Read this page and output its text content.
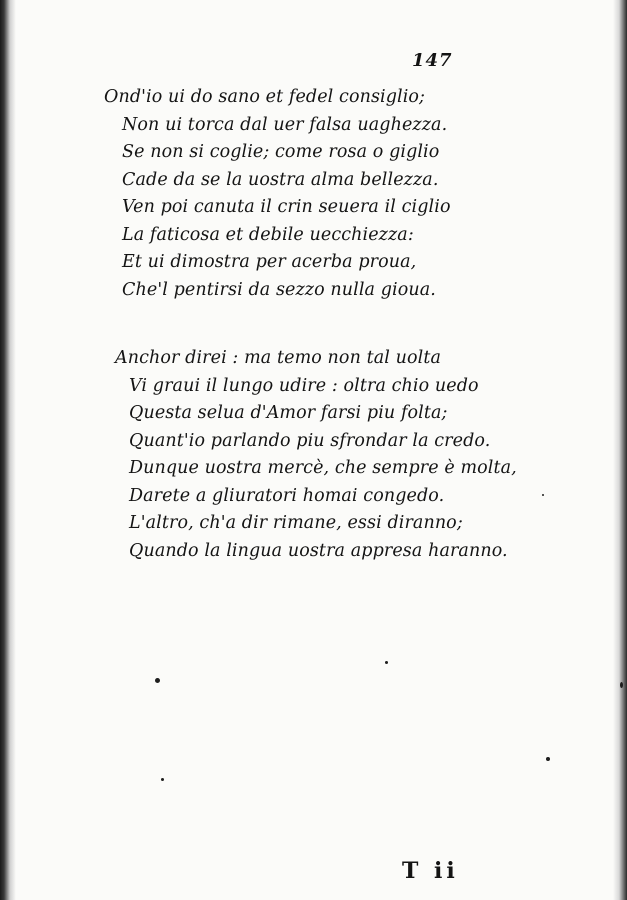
147
Ond'io ui do sano et fedel consiglio;
Non ui torca dal uer falsa uaghezza.
Se non si coglie; come rosa o giglio
Cade da se la uostra alma bellezza.
Ven poi canuta il crin seuera il ciglio
La faticosa et debile uecchiezza:
Et ui dimostra per acerba proua,
Che'l pentirsi da sezzo nulla gioua.
Anchor direi : ma temo non tal uolta
Vi graui il lungo udire : oltra chio uedo
Questa selua d'Amor farsi piu folta;
Quant'io parlando piu sfrondar la credo.
Dunque uostra mercè, che sempre è molta,
Darete a gliuratori homai congedo.
L'altro, ch'a dir rimane, essi diranno;
Quando la lingua uostra appresa haranno.
T ii
